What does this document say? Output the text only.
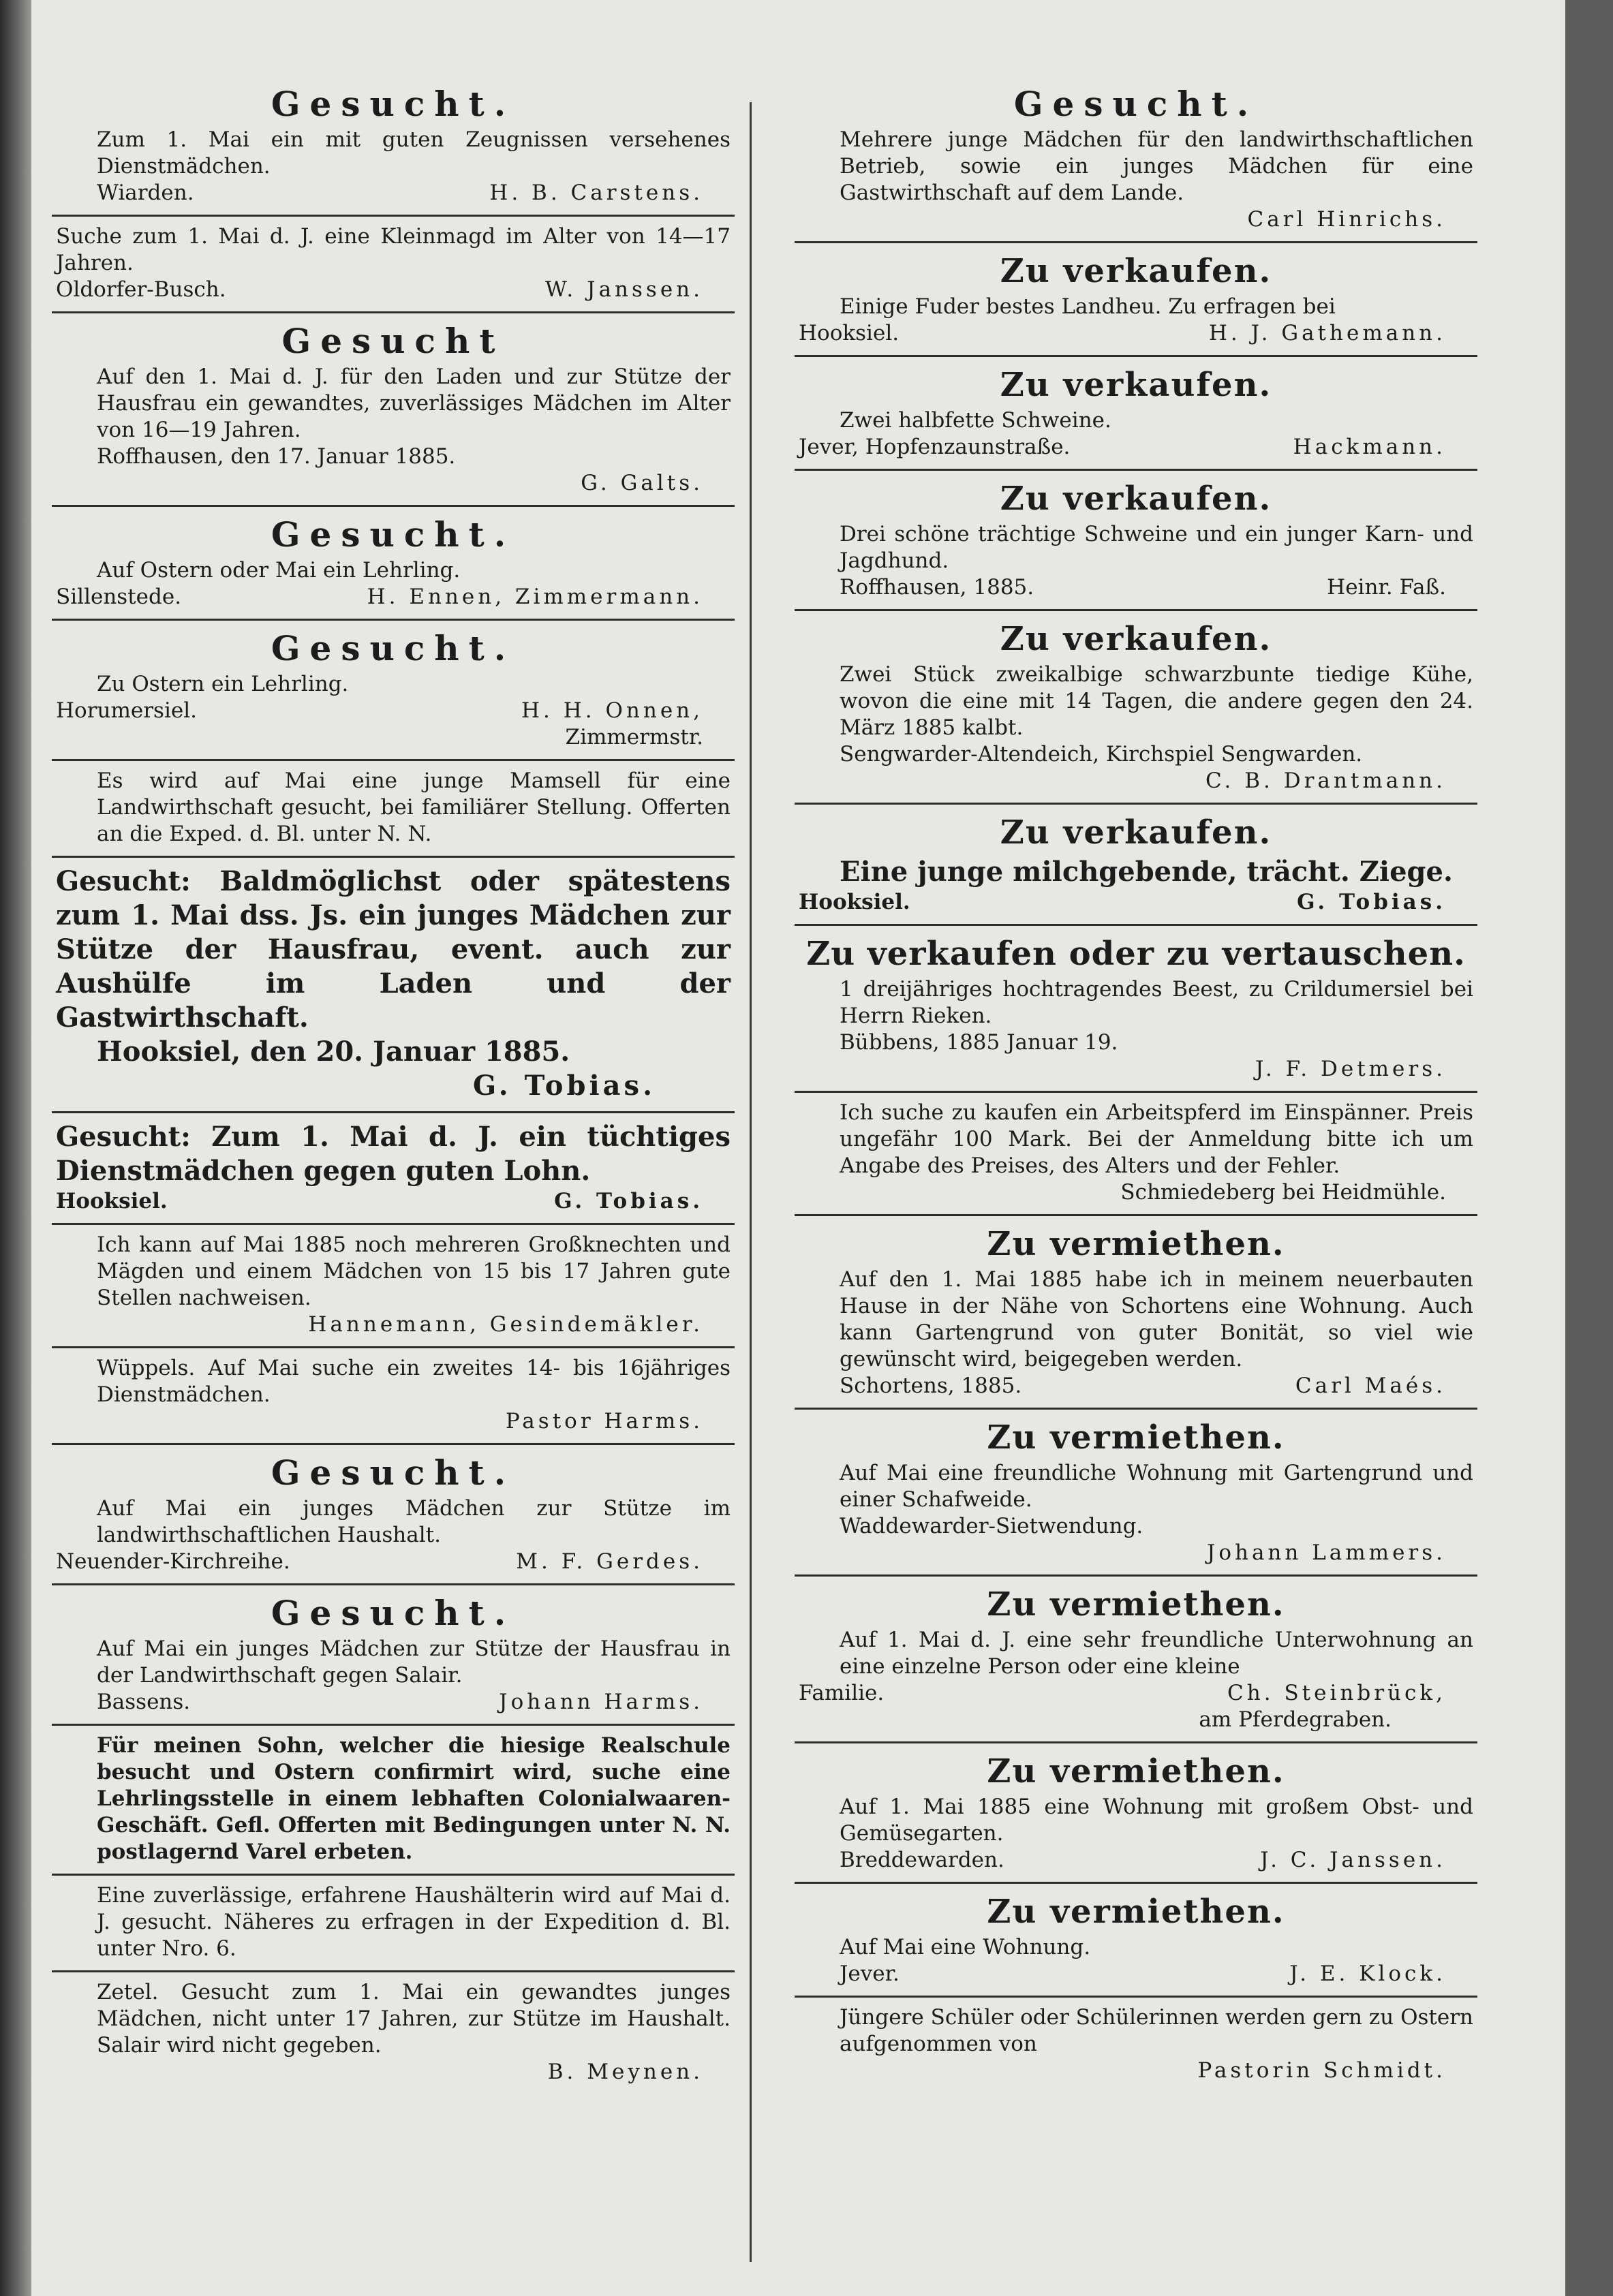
Gesucht.
Zum 1. Mai ein mit guten Zeugnissen versehenes Dienstmädchen.
Wiarden.	H. B. Carstens.
Suche zum 1. Mai d. J. eine Kleinmagd im Alter von 14—17 Jahren.
Oldorfer-Busch.	W. Janssen.
Gesucht
Auf den 1. Mai d. J. für den Laden und zur Stütze der Hausfrau ein gewandtes, zuverlässiges Mädchen im Alter von 16—19 Jahren.
Roffhausen, den 17. Januar 1885.
G. Galts.
Gesucht.
Auf Ostern oder Mai ein Lehrling.
Sillenstede.	H. Ennen, Zimmermann.
Gesucht.
Zu Ostern ein Lehrling.
Horumersiel.	H. H. Onnen,
Zimmermstr.
Es wird auf Mai eine junge Mamsell für eine Landwirthschaft gesucht, bei familiärer Stellung. Offerten an die Exped. d. Bl. unter N. N.
Gesucht: Baldmöglichst oder spätestens zum 1. Mai dss. Js. ein junges Mädchen zur Stütze der Hausfrau, event. auch zur Aushülfe im Laden und der Gastwirthschaft.
Hooksiel, den 20. Januar 1885.
G. Tobias.
Gesucht: Zum 1. Mai d. J. ein tüchtiges Dienstmädchen gegen guten Lohn.
Hooksiel.	G. Tobias.
Ich kann auf Mai 1885 noch mehreren Großknechten und Mägden und einem Mädchen von 15 bis 17 Jahren gute Stellen nachweisen.
Hannemann, Gesindemäkler.
Wüppels. Auf Mai suche ein zweites 14- bis 16jähriges Dienstmädchen.
Pastor Harms.
Gesucht.
Auf Mai ein junges Mädchen zur Stütze im landwirthschaftlichen Haushalt.
Neuender-Kirchreihe.	M. F. Gerdes.
Gesucht.
Auf Mai ein junges Mädchen zur Stütze der Hausfrau in der Landwirthschaft gegen Salair.
Bassens.	Johann Harms.
Für meinen Sohn, welcher die hiesige Realschule besucht und Ostern confirmirt wird, suche eine Lehrlingsstelle in einem lebhaften Colonialwaaren-Geschäft. Gefl. Offerten mit Bedingungen unter N. N. postlagernd Varel erbeten.
Eine zuverlässige, erfahrene Haushälterin wird auf Mai d. J. gesucht. Näheres zu erfragen in der Expedition d. Bl. unter Nro. 6.
Zetel. Gesucht zum 1. Mai ein gewandtes junges Mädchen, nicht unter 17 Jahren, zur Stütze im Haushalt. Salair wird nicht gegeben.
B. Meynen.
Gesucht.
Mehrere junge Mädchen für den landwirthschaftlichen Betrieb, sowie ein junges Mädchen für eine Gastwirthschaft auf dem Lande.
Carl Hinrichs.
Zu verkaufen.
Einige Fuder bestes Landheu. Zu erfragen bei
Hooksiel.	H. J. Gathemann.
Zu verkaufen.
Zwei halbfette Schweine.
Jever, Hopfenzaunstraße.	Hackmann.
Zu verkaufen.
Drei schöne trächtige Schweine und ein junger Karn- und Jagdhund.
Roffhausen, 1885.	Heinr. Faß.
Zu verkaufen.
Zwei Stück zweikalbige schwarzbunte tiedige Kühe, wovon die eine mit 14 Tagen, die andere gegen den 24. März 1885 kalbt.
Sengwarder-Altendeich, Kirchspiel Sengwarden.
C. B. Drantmann.
Zu verkaufen.
Eine junge milchgebende, trächt. Ziege.
Hooksiel.	G. Tobias.
Zu verkaufen oder zu vertauschen.
1 dreijähriges hochtragendes Beest, zu Crildumersiel bei Herrn Rieken.
Bübbens, 1885 Januar 19.
J. F. Detmers.
Ich suche zu kaufen ein Arbeitspferd im Einspänner. Preis ungefähr 100 Mark. Bei der Anmeldung bitte ich um Angabe des Preises, des Alters und der Fehler.
Schmiedeberg bei Heidmühle.
Zu vermiethen.
Auf den 1. Mai 1885 habe ich in meinem neuerbauten Hause in der Nähe von Schortens eine Wohnung. Auch kann Gartengrund von guter Bonität, so viel wie gewünscht wird, beigegeben werden.
Schortens, 1885.	Carl Maés.
Zu vermiethen.
Auf Mai eine freundliche Wohnung mit Gartengrund und einer Schafweide.
Waddewarder-Sietwendung.
Johann Lammers.
Zu vermiethen.
Auf 1. Mai d. J. eine sehr freundliche Unterwohnung an eine einzelne Person oder eine kleine
Familie.	Ch. Steinbrück,
am Pferdegraben.
Zu vermiethen.
Auf 1. Mai 1885 eine Wohnung mit großem Obst- und Gemüsegarten.
Breddewarden.	J. C. Janssen.
Zu vermiethen.
Auf Mai eine Wohnung.
Jever.	J. E. Klock.
Jüngere Schüler oder Schülerinnen werden gern zu Ostern aufgenommen von
Pastorin Schmidt.
